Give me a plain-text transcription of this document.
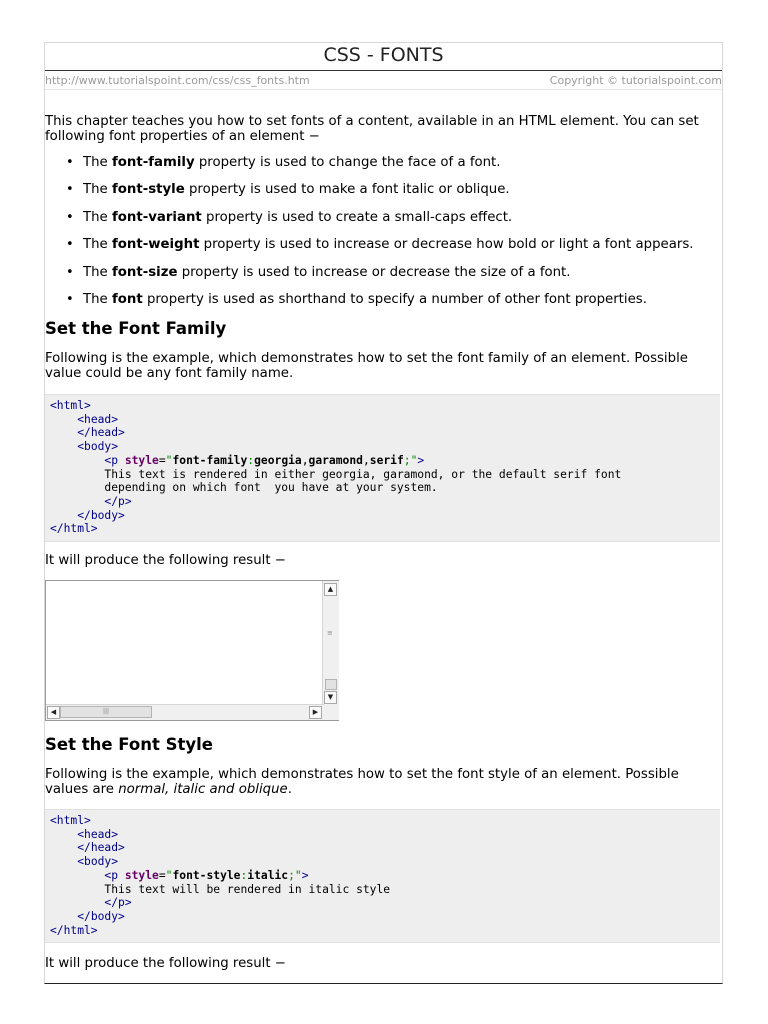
CSS - FONTS
http://www.tutorialspoint.com/css/css_fonts.htm	Copyright © tutorialspoint.com
This chapter teaches you how to set fonts of a content, available in an HTML element. You can set following font properties of an element −
• The font-family property is used to change the face of a font.
• The font-style property is used to make a font italic or oblique.
• The font-variant property is used to create a small-caps effect.
• The font-weight property is used to increase or decrease how bold or light a font appears.
• The font-size property is used to increase or decrease the size of a font.
• The font property is used as shorthand to specify a number of other font properties.
Set the Font Family
Following is the example, which demonstrates how to set the font family of an element. Possible value could be any font family name.
<html>
<head>
</head>
<body>
<p style="font-family:georgia,garamond,serif;">
This text is rendered in either georgia, garamond, or the default serif font
depending on which font  you have at your system.
</p>
</body>
</html>
It will produce the following result −
▲
≡
▼
◀	|||	▶
Set the Font Style
Following is the example, which demonstrates how to set the font style of an element. Possible values are normal, italic and oblique.
<html>
<head>
</head>
<body>
<p style="font-style:italic;">
This text will be rendered in italic style
</p>
</body>
</html>
It will produce the following result −
